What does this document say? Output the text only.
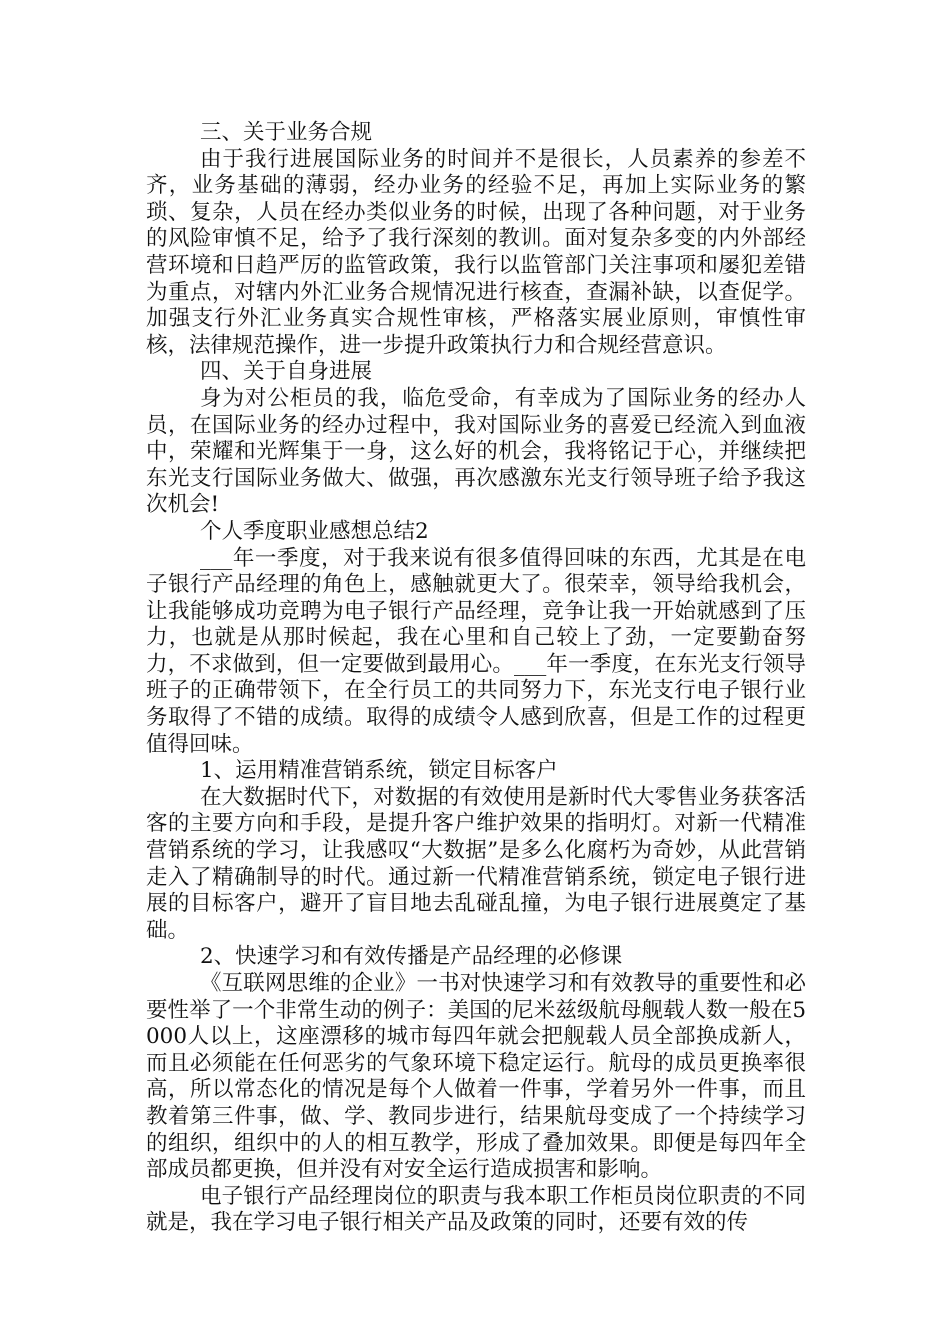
三、关于业务合规

由于我行进展国际业务的时间并不是很长，人员素养的参差不齐，业务基础的薄弱，经办业务的经验不足，再加上实际业务的繁琐、复杂，人员在经办类似业务的时候，出现了各种问题，对于业务的风险审慎不足，给予了我行深刻的教训。面对复杂多变的内外部经营环境和日趋严厉的监管政策，我行以监管部门关注事项和屡犯差错为重点，对辖内外汇业务合规情况进行核查，查漏补缺，以查促学。加强支行外汇业务真实合规性审核，严格落实展业原则，审慎性审核，法律规范操作，进一步提升政策执行力和合规经营意识。

四、关于自身进展

身为对公柜员的我，临危受命，有幸成为了国际业务的经办人员，在国际业务的经办过程中，我对国际业务的喜爱已经流入到血液中，荣耀和光辉集于一身，这么好的机会，我将铭记于心，并继续把东光支行国际业务做大、做强，再次感激东光支行领导班子给予我这次机会!

个人季度职业感想总结2

___年一季度，对于我来说有很多值得回味的东西，尤其是在电子银行产品经理的角色上，感触就更大了。很荣幸，领导给我机会，让我能够成功竞聘为电子银行产品经理，竞争让我一开始就感到了压力，也就是从那时候起，我在心里和自己较上了劲，一定要勤奋努力，不求做到，但一定要做到最用心。___年一季度，在东光支行领导班子的正确带领下，在全行员工的共同努力下，东光支行电子银行业务取得了不错的成绩。取得的成绩令人感到欣喜，但是工作的过程更值得回味。

1、运用精准营销系统，锁定目标客户

在大数据时代下，对数据的有效使用是新时代大零售业务获客活客的主要方向和手段，是提升客户维护效果的指明灯。对新一代精准营销系统的学习，让我感叹“大数据”是多么化腐朽为奇妙，从此营销走入了精确制导的时代。通过新一代精准营销系统，锁定电子银行进展的目标客户，避开了盲目地去乱碰乱撞，为电子银行进展奠定了基础。

2、快速学习和有效传播是产品经理的必修课

《互联网思维的企业》一书对快速学习和有效教导的重要性和必要性举了一个非常生动的例子：美国的尼米兹级航母舰载人数一般在5000人以上，这座漂移的城市每四年就会把舰载人员全部换成新人，而且必须能在任何恶劣的气象环境下稳定运行。航母的成员更换率很高，所以常态化的情况是每个人做着一件事，学着另外一件事，而且教着第三件事，做、学、教同步进行，结果航母变成了一个持续学习的组织，组织中的人的相互教学，形成了叠加效果。即便是每四年全部成员都更换，但并没有对安全运行造成损害和影响。

电子银行产品经理岗位的职责与我本职工作柜员岗位职责的不同就是，我在学习电子银行相关产品及政策的同时，还要有效的传
